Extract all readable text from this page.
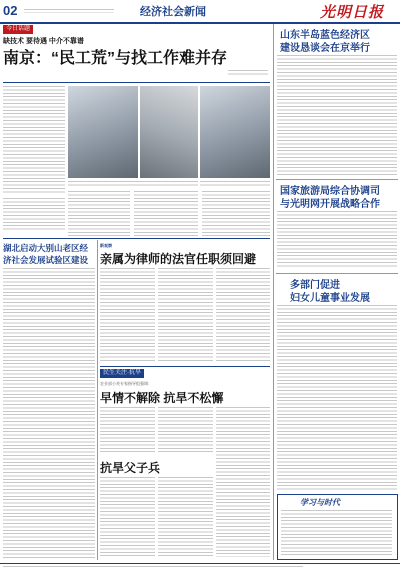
02	经济社会新闻	光明日报
今日话题
缺技术 要待遇 中介不靠谱
南京：“民工荒”与找工作难并存
山东半岛蓝色经济区
建设恳谈会在京举行
国家旅游局综合协调司
与光明网开展战略合作
多部门促进
妇女儿童事业发展
学习与时代
湖北启动大别山老区经
济社会发展试验区建设
新观察
亲属为律师的法官任职须回避
民生关注·抗旱
农业部小麦专家指导组强调：
早情不解除 抗旱不松懈
抗旱父子兵
